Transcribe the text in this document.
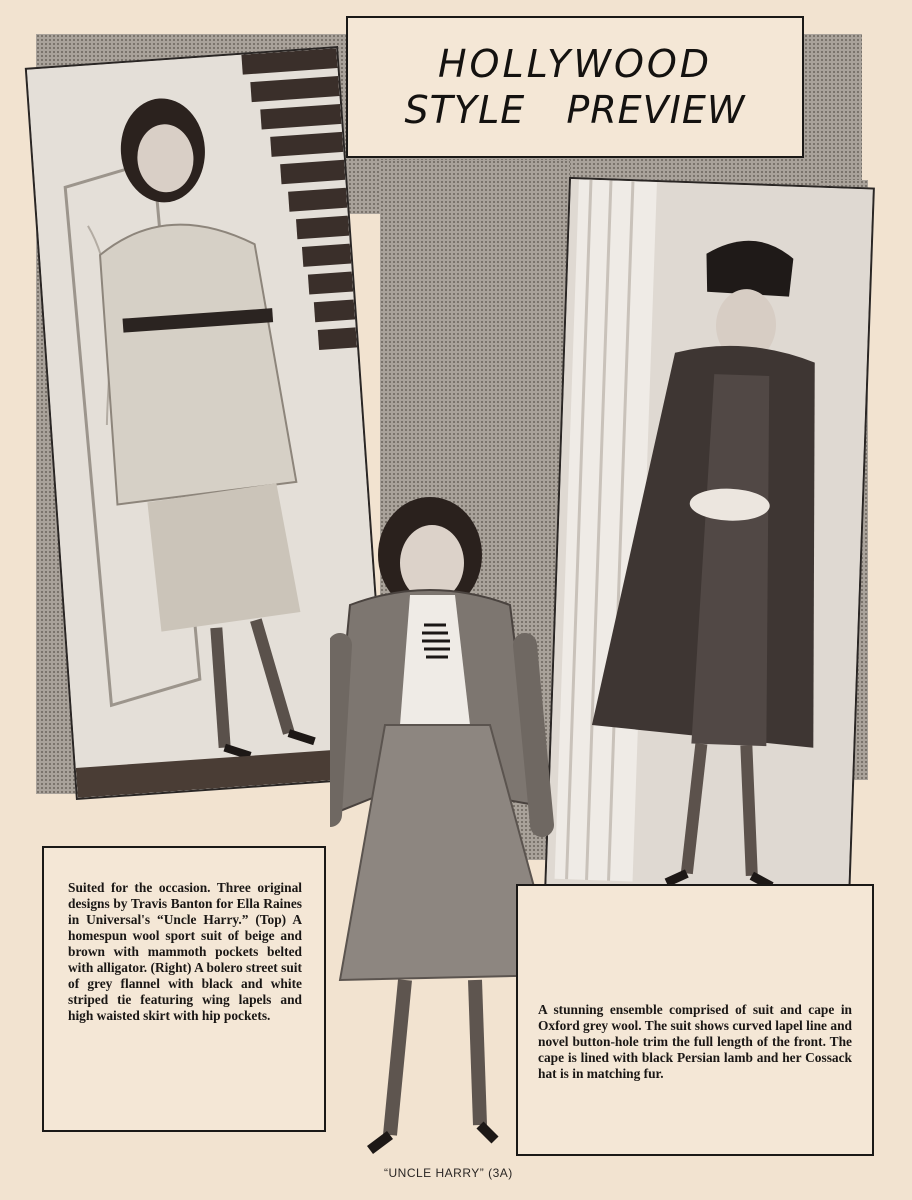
HOLLYWOOD
STYLE PREVIEW
Suited for the occasion. Three original designs by Travis Banton for Ella Raines in Universal's “Uncle Harry.” (Top) A homespun wool sport suit of beige and brown with mammoth pockets belted with alligator. (Right) A bolero street suit of grey flannel with black and white striped tie featuring wing lapels and high waisted skirt with hip pockets.	A stunning ensemble comprised of suit and cape in Oxford grey wool. The suit shows curved lapel line and novel button-hole trim the full length of the front. The cape is lined with black Persian lamb and her Cossack hat is in matching fur.
“UNCLE HARRY” (3A)
